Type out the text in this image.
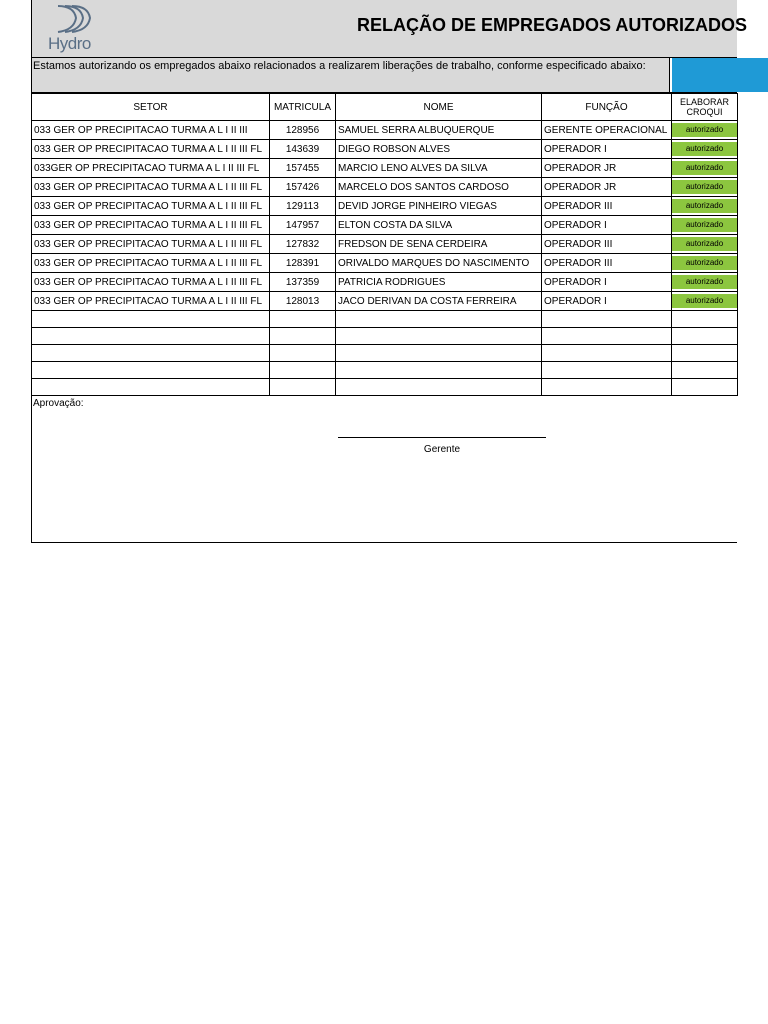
Hydro
RELAÇÃO DE EMPREGADOS AUTORIZADOS
Estamos autorizando os empregados abaixo relacionados a realizarem liberações de trabalho, conforme especificado abaixo:
SETOR	MATRICULA	NOME	FUNÇÃO	ELABORAR CROQUI
033 GER OP PRECIPITACAO TURMA A L I II III	128956	SAMUEL SERRA ALBUQUERQUE	GERENTE OPERACIONAL	autorizado

033 GER OP PRECIPITACAO TURMA A L I II III FL	143639	DIEGO ROBSON ALVES	OPERADOR I	autorizado

033GER OP PRECIPITACAO TURMA A L I II III FL	157455	MARCIO LENO ALVES DA SILVA	OPERADOR JR	autorizado

033 GER OP PRECIPITACAO TURMA A L I II III FL	157426	MARCELO DOS SANTOS CARDOSO	OPERADOR JR	autorizado

033 GER OP PRECIPITACAO TURMA A L I II III FL	129113	DEVID JORGE PINHEIRO VIEGAS	OPERADOR III	autorizado

033 GER OP PRECIPITACAO TURMA A L I II III FL	147957	ELTON COSTA DA SILVA	OPERADOR I	autorizado

033 GER OP PRECIPITACAO TURMA A L I II III FL	127832	FREDSON DE SENA CERDEIRA	OPERADOR III	autorizado

033 GER OP PRECIPITACAO TURMA A L I II III FL	128391	ORIVALDO MARQUES DO NASCIMENTO	OPERADOR III	autorizado

033 GER OP PRECIPITACAO TURMA A L I II III FL	137359	PATRICIA RODRIGUES	OPERADOR I	autorizado

033 GER OP PRECIPITACAO TURMA A L I II III FL	128013	JACO DERIVAN DA COSTA FERREIRA	OPERADOR I	autorizado

Aprovação:
Gerente
